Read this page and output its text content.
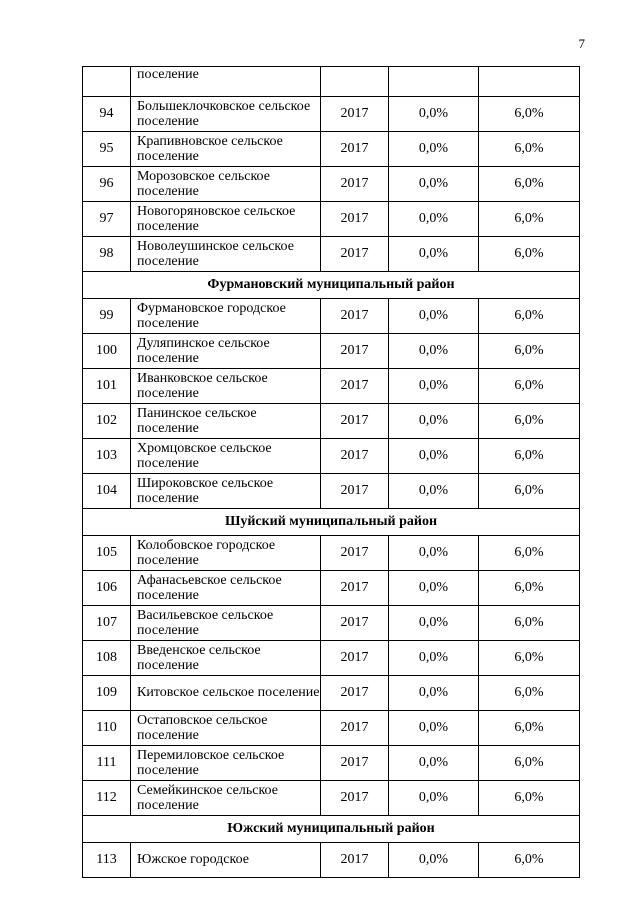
7
	поселение			
94	Большеклочковское сельское поселение	2017	0,0%	6,0%
95	Крапивновское сельское поселение	2017	0,0%	6,0%
96	Морозовское сельское поселение	2017	0,0%	6,0%
97	Новогоряновское сельское поселение	2017	0,0%	6,0%
98	Новолеушинское сельское поселение	2017	0,0%	6,0%
Фурмановский муниципальный район				
99	Фурмановское городское поселение	2017	0,0%	6,0%
100	Дуляпинское сельское поселение	2017	0,0%	6,0%
101	Иванковское сельское поселение	2017	0,0%	6,0%
102	Панинское сельское поселение	2017	0,0%	6,0%
103	Хромцовское сельское поселение	2017	0,0%	6,0%
104	Широковское сельское поселение	2017	0,0%	6,0%
Шуйский муниципальный район				
105	Колобовское городское поселение	2017	0,0%	6,0%
106	Афанасьевское сельское поселение	2017	0,0%	6,0%
107	Васильевское сельское поселение	2017	0,0%	6,0%
108	Введенское сельское поселение	2017	0,0%	6,0%
109	Китовское сельское поселение	2017	0,0%	6,0%
110	Остаповское сельское поселение	2017	0,0%	6,0%
111	Перемиловское сельское поселение	2017	0,0%	6,0%
112	Семейкинское сельское поселение	2017	0,0%	6,0%
Южский муниципальный район				
113	Южское городское	2017	0,0%	6,0%
